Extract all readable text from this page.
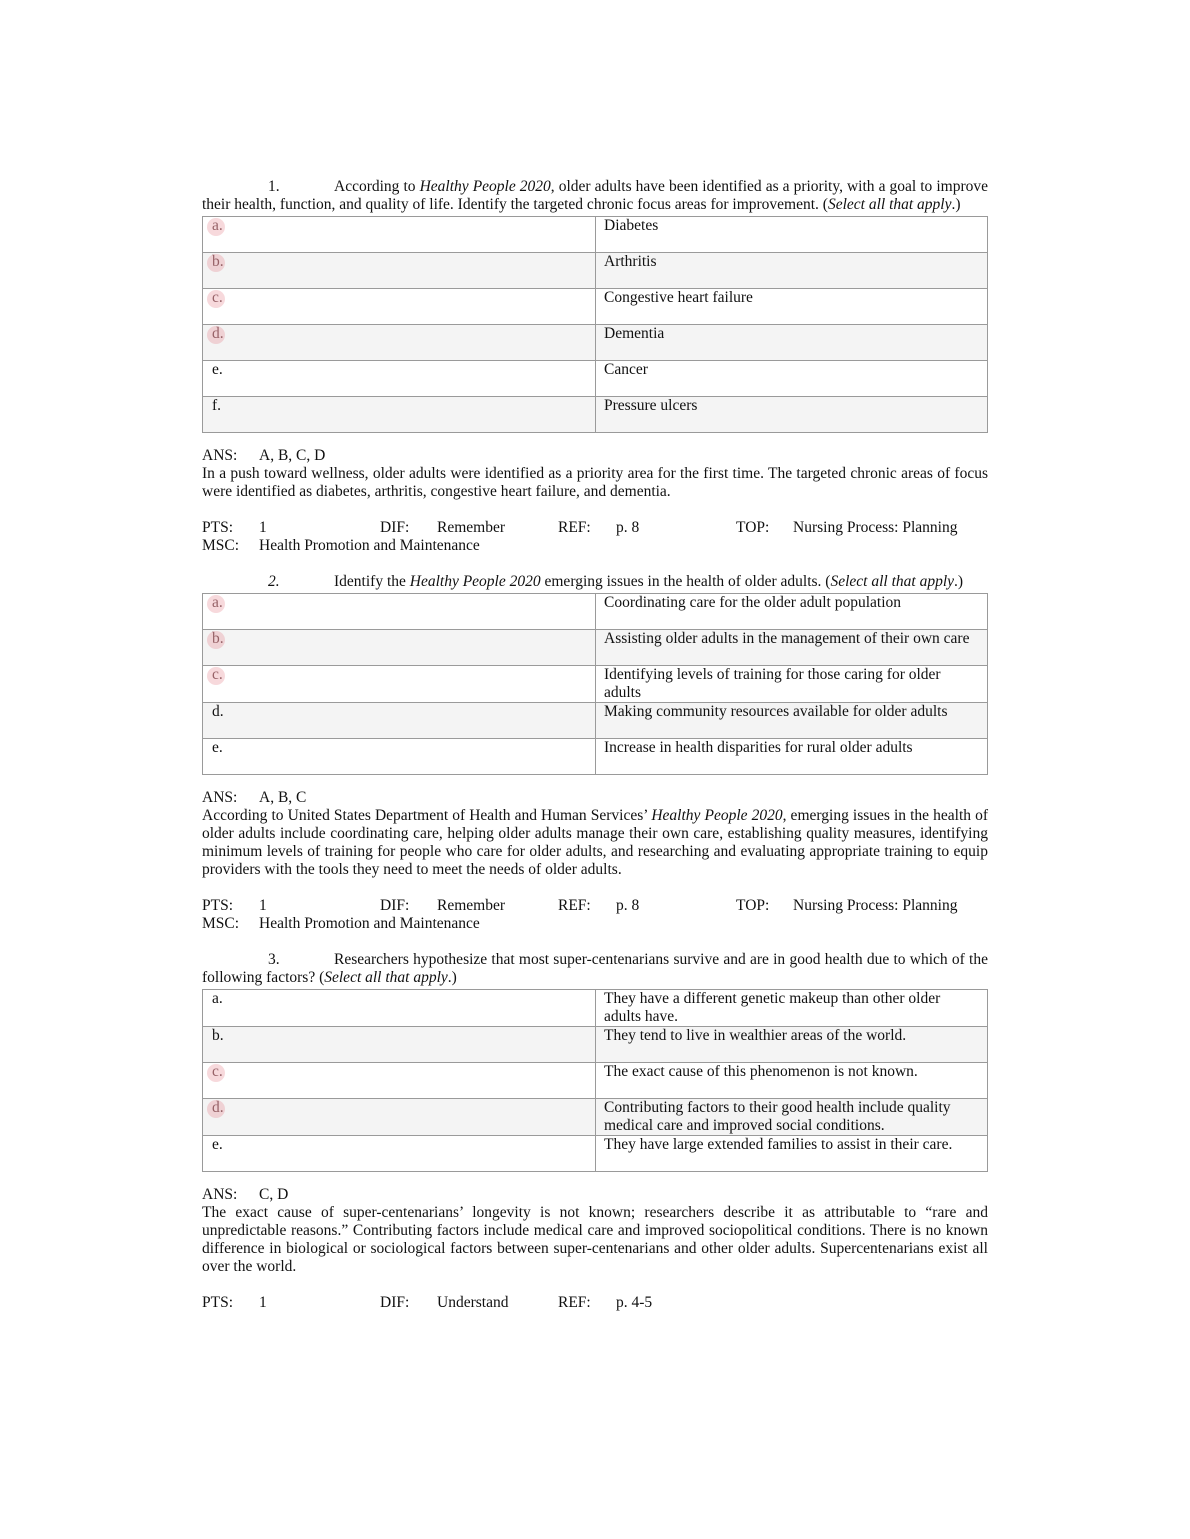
1.	According to Healthy People 2020, older adults have been identified as a priority, with a goal to improve their health, function, and quality of life. Identify the targeted chronic focus areas for improvement. (Select all that apply.)
a.	Diabetes

b.	Arthritis

c.	Congestive heart failure

d.	Dementia
e.	Cancer
f.	Pressure ulcers
ANS: A, B, C, D
In a push toward wellness, older adults were identified as a priority area for the first time. The targeted chronic areas of focus were identified as diabetes, arthritis, congestive heart failure, and dementia.
PTS: 1	DIF: Remember	REF: p. 8	TOP: Nursing Process: Planning
MSC: Health Promotion and Maintenance
2.	Identify the Healthy People 2020 emerging issues in the health of older adults. (Select all that apply.)
a.	Coordinating care for the older adult population

b.	Assisting older adults in the management of their own care

c.	Identifying levels of training for those caring for older adults
d.	Making community resources available for older adults
e.	Increase in health disparities for rural older adults
ANS: A, B, C
According to United States Department of Health and Human Services’ Healthy People 2020, emerging issues in the health of older adults include coordinating care, helping older adults manage their own care, establishing quality measures, identifying minimum levels of training for people who care for older adults, and researching and evaluating appropriate training to equip providers with the tools they need to meet the needs of older adults.
PTS: 1	DIF: Remember	REF: p. 8	TOP: Nursing Process: Planning
MSC: Health Promotion and Maintenance
3.	Researchers hypothesize that most super-centenarians survive and are in good health due to which of the following factors? (Select all that apply.)
a.	They have a different genetic makeup than other older adults have.
b.	They tend to live in wealthier areas of the world.

c.	The exact cause of this phenomenon is not known.

d.	Contributing factors to their good health include quality medical care and improved social conditions.
e.	They have large extended families to assist in their care.
ANS: C, D
The exact cause of super-centenarians’ longevity is not known; researchers describe it as attributable to “rare and unpredictable reasons.” Contributing factors include medical care and improved sociopolitical conditions. There is no known difference in biological or sociological factors between super-centenarians and other older adults. Supercentenarians exist all over the world.
PTS: 1	DIF: Understand	REF: p. 4-5
